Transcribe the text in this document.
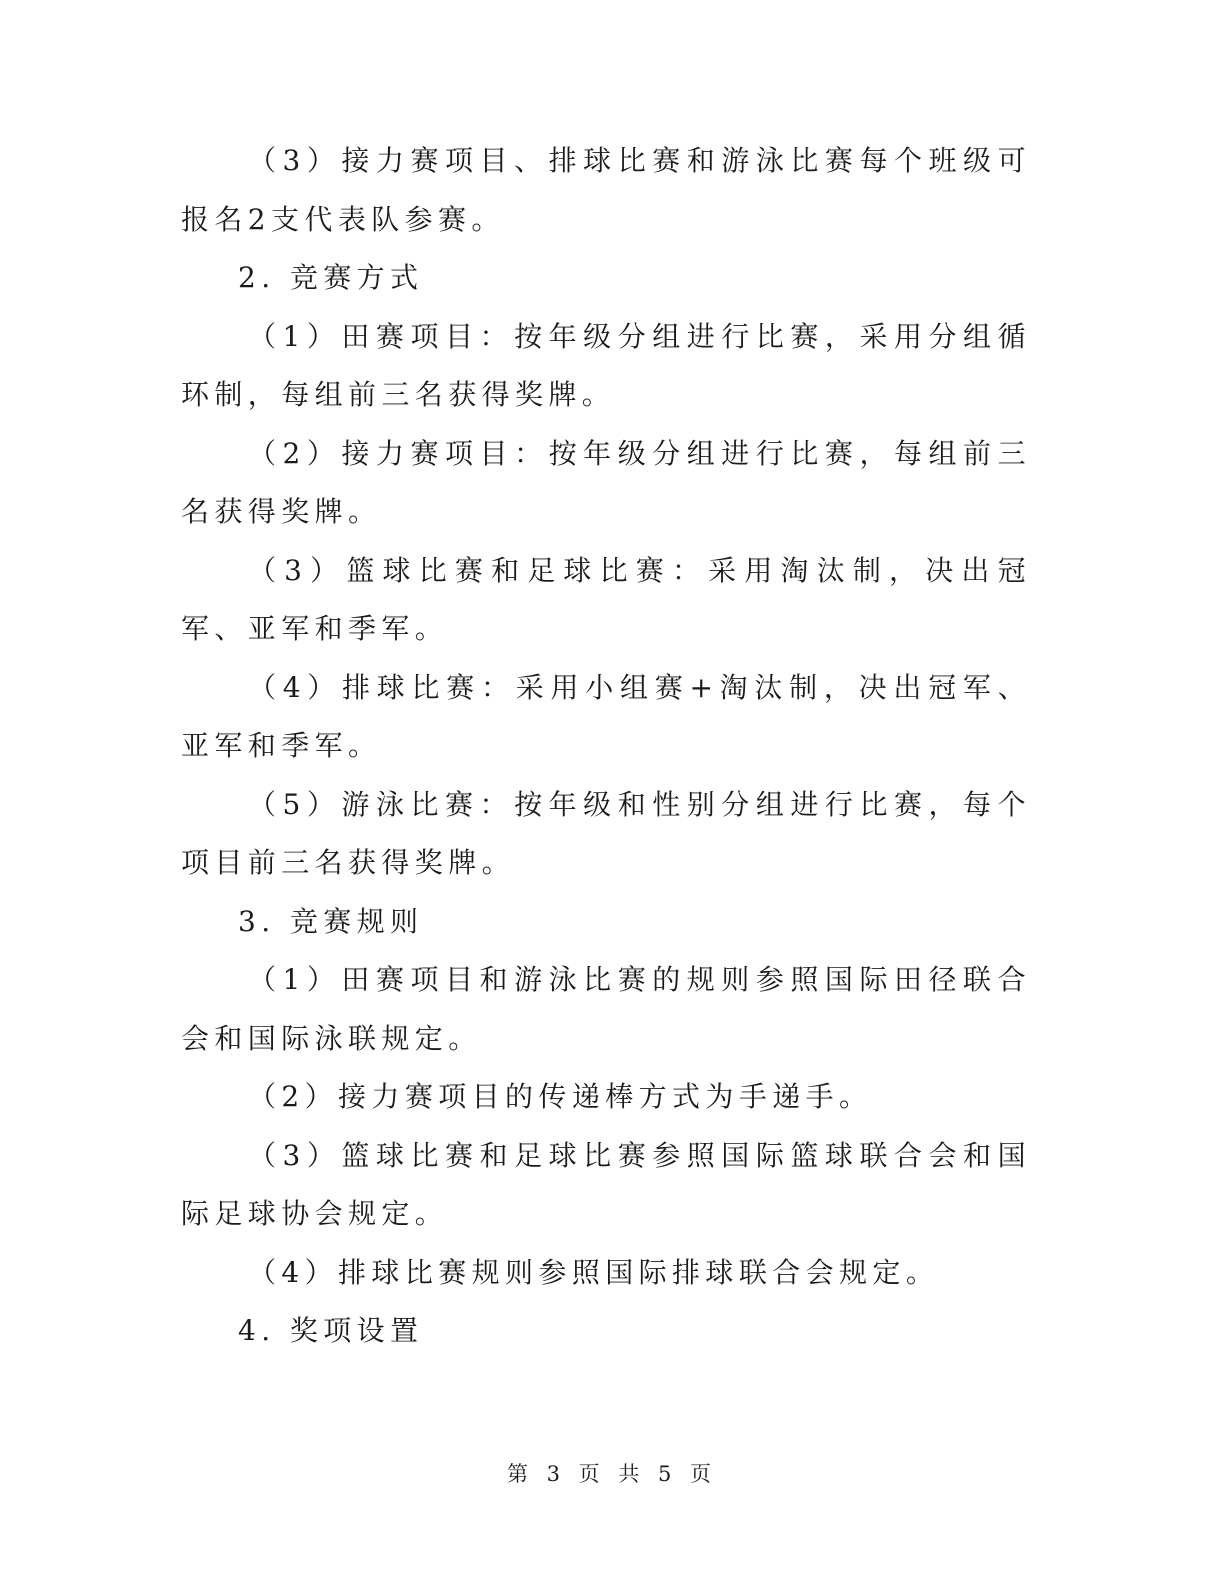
（3）接力赛项目、排球比赛和游泳比赛每个班级可报名2支代表队参赛。

2. 竞赛方式

（1）田赛项目：按年级分组进行比赛，采用分组循环制，每组前三名获得奖牌。

（2）接力赛项目：按年级分组进行比赛，每组前三名获得奖牌。

（3）篮球比赛和足球比赛：采用淘汰制，决出冠军、亚军和季军。

（4）排球比赛：采用小组赛+淘汰制，决出冠军、亚军和季军。

（5）游泳比赛：按年级和性别分组进行比赛，每个项目前三名获得奖牌。

3. 竞赛规则

（1）田赛项目和游泳比赛的规则参照国际田径联合会和国际泳联规定。

（2）接力赛项目的传递棒方式为手递手。

（3）篮球比赛和足球比赛参照国际篮球联合会和国际足球协会规定。

（4）排球比赛规则参照国际排球联合会规定。

4. 奖项设置

第 3 页 共 5 页
